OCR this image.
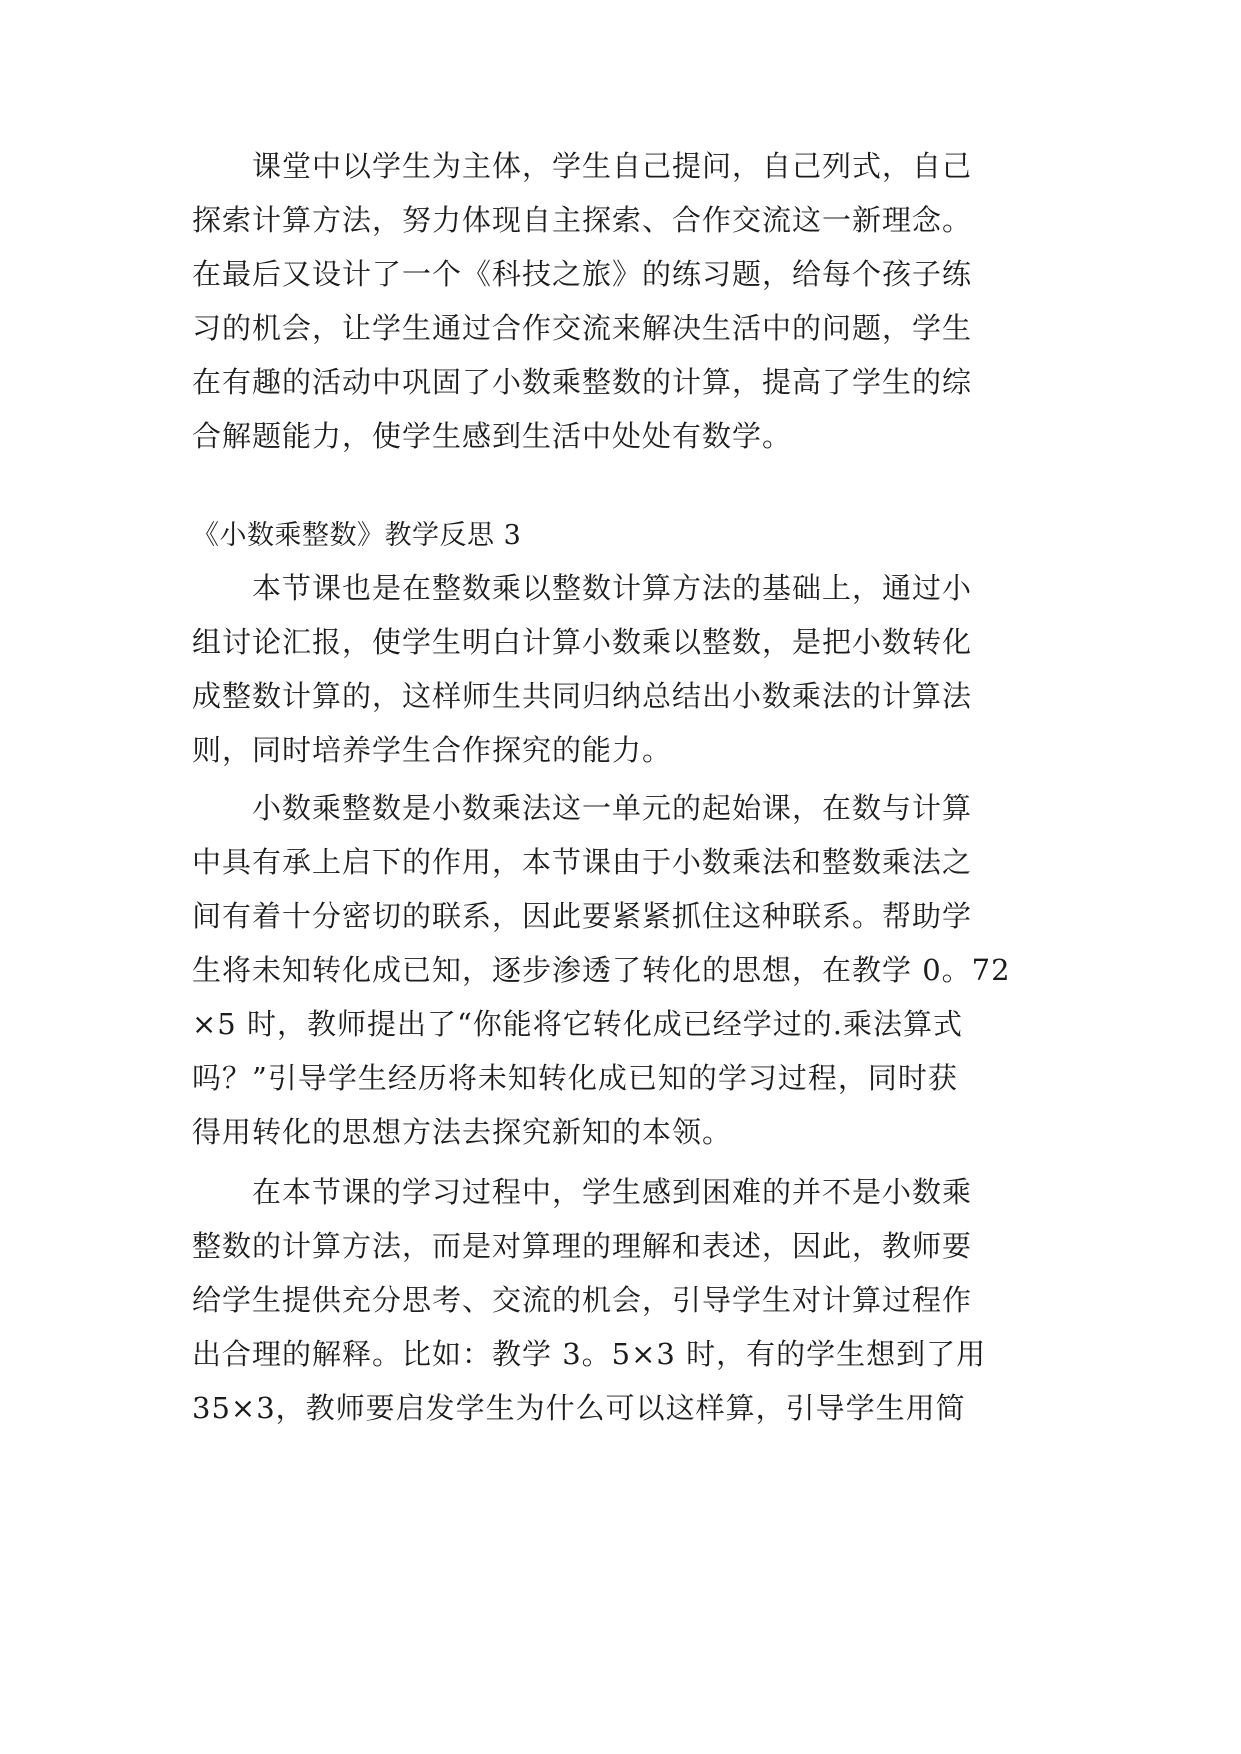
课堂中以学生为主体，学生自己提问，自己列式，自己
探索计算方法，努力体现自主探索、合作交流这一新理念。
在最后又设计了一个《科技之旅》的练习题，给每个孩子练
习的机会，让学生通过合作交流来解决生活中的问题，学生
在有趣的活动中巩固了小数乘整数的计算，提高了学生的综
合解题能力，使学生感到生活中处处有数学。
《小数乘整数》教学反思 3
本节课也是在整数乘以整数计算方法的基础上，通过小
组讨论汇报，使学生明白计算小数乘以整数，是把小数转化
成整数计算的，这样师生共同归纳总结出小数乘法的计算法
则，同时培养学生合作探究的能力。
小数乘整数是小数乘法这一单元的起始课，在数与计算
中具有承上启下的作用，本节课由于小数乘法和整数乘法之
间有着十分密切的联系，因此要紧紧抓住这种联系。帮助学
生将未知转化成已知，逐步渗透了转化的思想，在教学 0。72
×5 时，教师提出了“你能将它转化成已经学过的.乘法算式
吗？”引导学生经历将未知转化成已知的学习过程，同时获
得用转化的思想方法去探究新知的本领。
在本节课的学习过程中，学生感到困难的并不是小数乘
整数的计算方法，而是对算理的理解和表述，因此，教师要
给学生提供充分思考、交流的机会，引导学生对计算过程作
出合理的解释。比如：教学 3。5×3 时，有的学生想到了用
35×3，教师要启发学生为什么可以这样算，引导学生用简
